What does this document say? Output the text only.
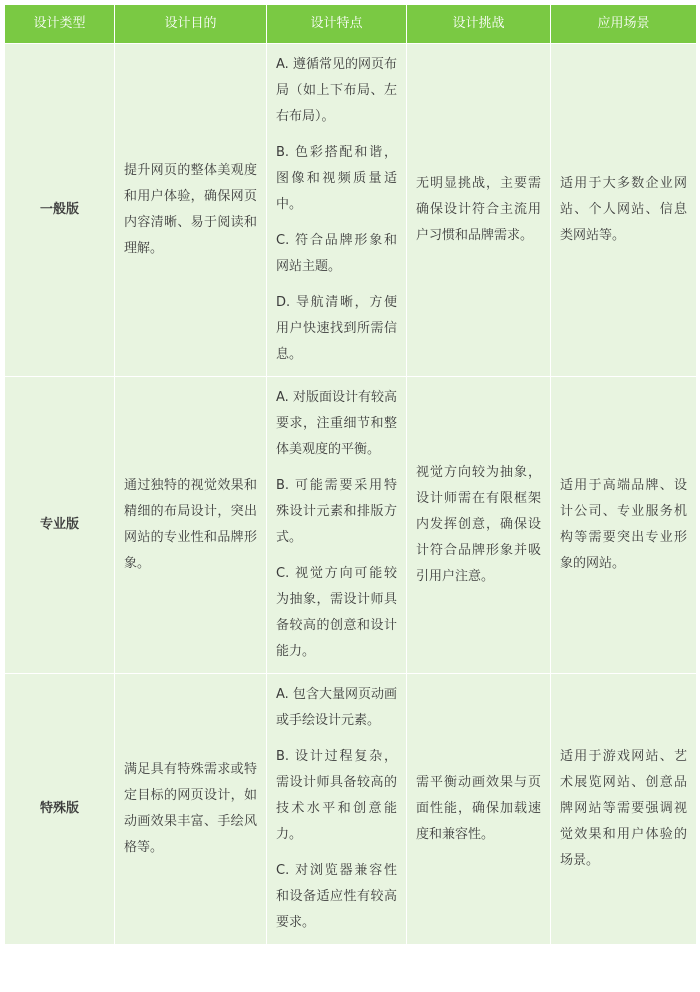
设计类型	设计目的	设计特点	设计挑战	应用场景
一般版	提升网页的整体美观度和用户体验，确保网页内容清晰、易于阅读和理解。	A. 遵循常见的网页布局（如上下布局、左右布局）。

B. 色彩搭配和谐，图像和视频质量适中。

C. 符合品牌形象和网站主题。

D. 导航清晰，方便用户快速找到所需信息。	无明显挑战，主要需确保设计符合主流用户习惯和品牌需求。	适用于大多数企业网站、个人网站、信息类网站等。

专业版	通过独特的视觉效果和精细的布局设计，突出网站的专业性和品牌形象。	A. 对版面设计有较高要求，注重细节和整体美观度的平衡。

B. 可能需要采用特殊设计元素和排版方式。

C. 视觉方向可能较为抽象，需设计师具备较高的创意和设计能力。	视觉方向较为抽象，设计师需在有限框架内发挥创意，确保设计符合品牌形象并吸引用户注意。	适用于高端品牌、设计公司、专业服务机构等需要突出专业形象的网站。

特殊版	满足具有特殊需求或特定目标的网页设计，如动画效果丰富、手绘风格等。	A. 包含大量网页动画或手绘设计元素。

B. 设计过程复杂，需设计师具备较高的技术水平和创意能力。

C. 对浏览器兼容性和设备适应性有较高要求。	需平衡动画效果与页面性能，确保加载速度和兼容性。	适用于游戏网站、艺术展览网站、创意品牌网站等需要强调视觉效果和用户体验的场景。
